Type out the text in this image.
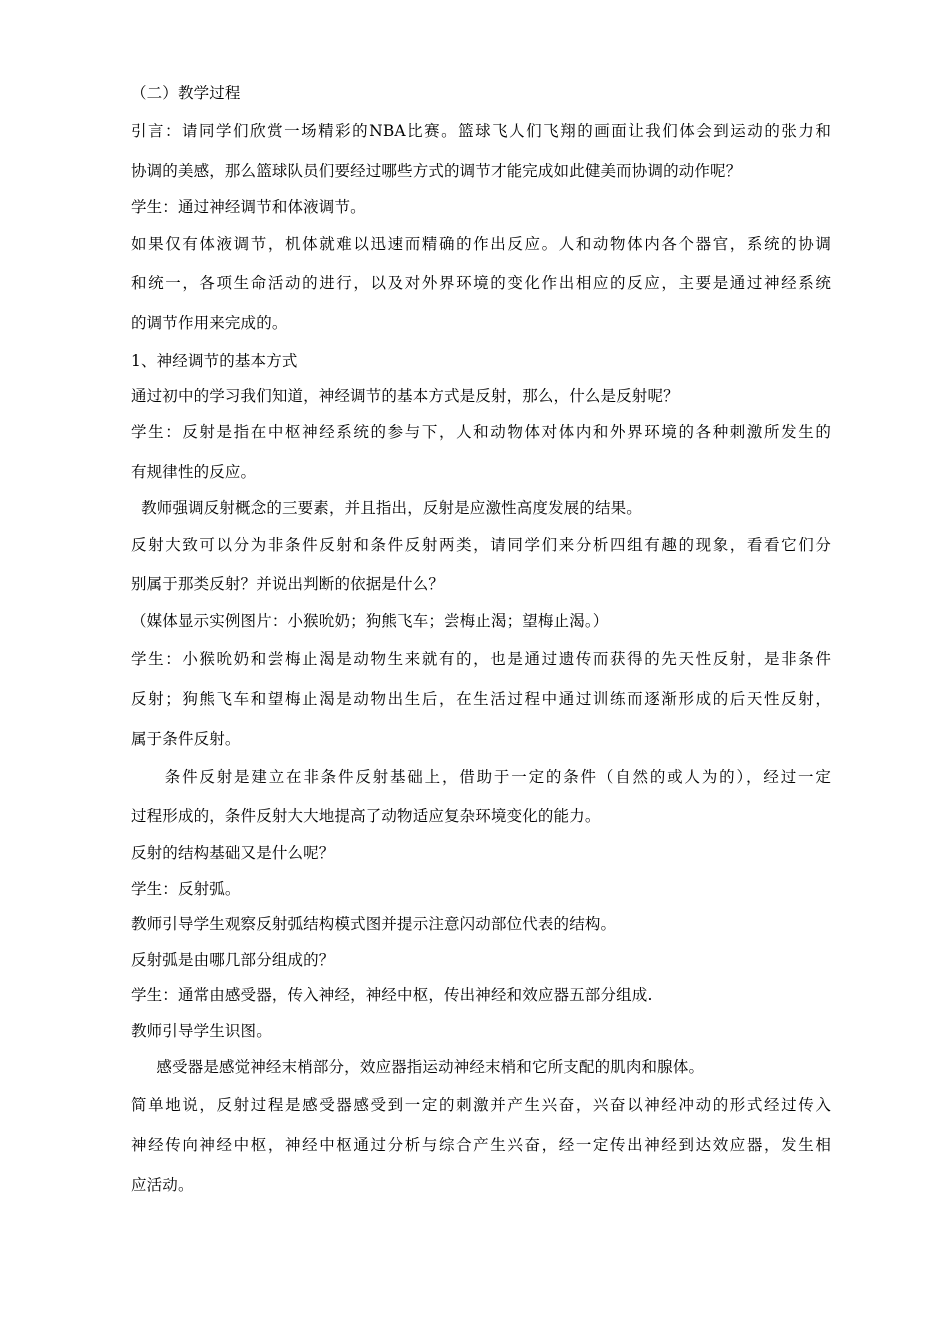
（二）教学过程
引言：请同学们欣赏一场精彩的NBA比赛。篮球飞人们飞翔的画面让我们体会到运动的张力和
协调的美感，那么篮球队员们要经过哪些方式的调节才能完成如此健美而协调的动作呢？
学生：通过神经调节和体液调节。
如果仅有体液调节，机体就难以迅速而精确的作出反应。人和动物体内各个器官，系统的协调
和统一，各项生命活动的进行，以及对外界环境的变化作出相应的反应，主要是通过神经系统
的调节作用来完成的。
1、神经调节的基本方式
通过初中的学习我们知道，神经调节的基本方式是反射，那么，什么是反射呢？
学生：反射是指在中枢神经系统的参与下，人和动物体对体内和外界环境的各种刺激所发生的
有规律性的反应。
教师强调反射概念的三要素，并且指出，反射是应激性高度发展的结果。
反射大致可以分为非条件反射和条件反射两类，请同学们来分析四组有趣的现象，看看它们分
别属于那类反射？并说出判断的依据是什么？
（媒体显示实例图片：小猴吮奶；狗熊飞车；尝梅止渴；望梅止渴。）
学生：小猴吮奶和尝梅止渴是动物生来就有的，也是通过遗传而获得的先天性反射，是非条件
反射；狗熊飞车和望梅止渴是动物出生后，在生活过程中通过训练而逐渐形成的后天性反射，
属于条件反射。
条件反射是建立在非条件反射基础上，借助于一定的条件（自然的或人为的），经过一定
过程形成的，条件反射大大地提高了动物适应复杂环境变化的能力。
反射的结构基础又是什么呢？
学生：反射弧。
教师引导学生观察反射弧结构模式图并提示注意闪动部位代表的结构。
反射弧是由哪几部分组成的？
学生：通常由感受器，传入神经，神经中枢，传出神经和效应器五部分组成.
教师引导学生识图。
感受器是感觉神经末梢部分，效应器指运动神经末梢和它所支配的肌肉和腺体。
简单地说，反射过程是感受器感受到一定的刺激并产生兴奋，兴奋以神经冲动的形式经过传入
神经传向神经中枢，神经中枢通过分析与综合产生兴奋，经一定传出神经到达效应器，发生相
应活动。
